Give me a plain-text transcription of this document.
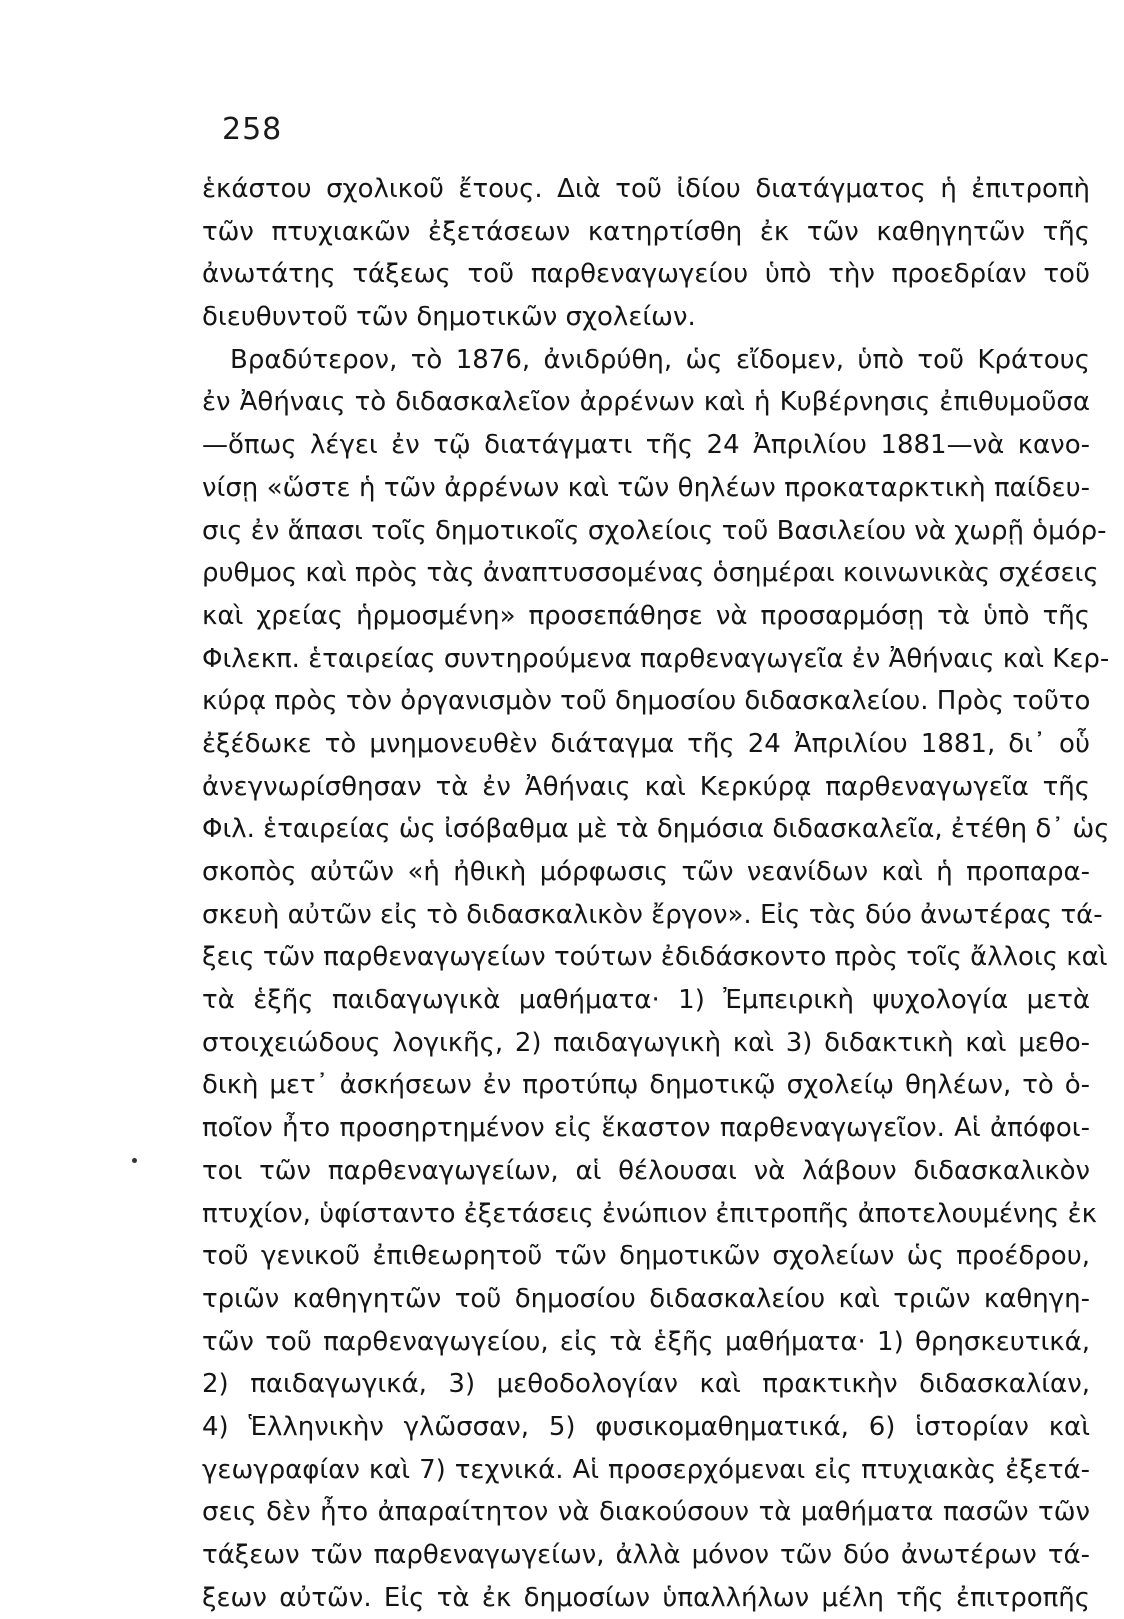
258
ἑκάστου σχολικοῦ ἔτους. Διὰ τοῦ ἰδίου διατάγματος ἡ ἐπιτροπὴ
τῶν πτυχιακῶν ἐξετάσεων κατηρτίσθη ἐκ τῶν καθηγητῶν τῆς
ἀνωτάτης τάξεως τοῦ παρθεναγωγείου ὑπὸ τὴν προεδρίαν τοῦ
διευθυντοῦ τῶν δημοτικῶν σχολείων.
Βραδύτερον, τὸ 1876, ἀνιδρύθη, ὡς εἴδομεν, ὑπὸ τοῦ Κράτους
ἐν Ἀθήναις τὸ διδασκαλεῖον ἀρρένων καὶ ἡ Κυβέρνησις ἐπιθυμοῦσα
—ὅπως λέγει ἐν τῷ διατάγματι τῆς 24 Ἀπριλίου 1881—νὰ κανο-
νίσῃ «ὥστε ἡ τῶν ἀρρένων καὶ τῶν θηλέων προκαταρκτικὴ παίδευ-
σις ἐν ἅπασι τοῖς δημοτικοῖς σχολείοις τοῦ Βασιλείου νὰ χωρῇ ὁμόρ-
ρυθμος καὶ πρὸς τὰς ἀναπτυσσομένας ὁσημέραι κοινωνικὰς σχέσεις
καὶ χρείας ἡρμοσμένη» προσεπάθησε νὰ προσαρμόσῃ τὰ ὑπὸ τῆς
Φιλεκπ. ἑταιρείας συντηρούμενα παρθεναγωγεῖα ἐν Ἀθήναις καὶ Κερ-
κύρᾳ πρὸς τὸν ὀργανισμὸν τοῦ δημοσίου διδασκαλείου. Πρὸς τοῦτο
ἐξέδωκε τὸ μνημονευθὲν διάταγμα τῆς 24 Ἀπριλίου 1881, δι᾽ οὗ
ἀνεγνωρίσθησαν τὰ ἐν Ἀθήναις καὶ Κερκύρᾳ παρθεναγωγεῖα τῆς
Φιλ. ἑταιρείας ὡς ἰσόβαθμα μὲ τὰ δημόσια διδασκαλεῖα, ἐτέθη δ᾽ ὡς
σκοπὸς αὐτῶν «ἡ ἠθικὴ μόρφωσις τῶν νεανίδων καὶ ἡ προπαρα-
σκευὴ αὐτῶν εἰς τὸ διδασκαλικὸν ἔργον». Εἰς τὰς δύο ἀνωτέρας τά-
ξεις τῶν παρθεναγωγείων τούτων ἐδιδάσκοντο πρὸς τοῖς ἄλλοις καὶ
τὰ ἑξῆς παιδαγωγικὰ μαθήματα· 1) Ἐμπειρικὴ ψυχολογία μετὰ
στοιχειώδους λογικῆς, 2) παιδαγωγικὴ καὶ 3) διδακτικὴ καὶ μεθο-
δικὴ μετ᾽ ἀσκήσεων ἐν προτύπῳ δημοτικῷ σχολείῳ θηλέων, τὸ ὁ-
ποῖον ἦτο προσηρτημένον εἰς ἕκαστον παρθεναγωγεῖον. Αἱ ἀπόφοι-
τοι τῶν παρθεναγωγείων, αἱ θέλουσαι νὰ λάβουν διδασκαλικὸν
πτυχίον, ὑφίσταντο ἐξετάσεις ἐνώπιον ἐπιτροπῆς ἀποτελουμένης ἐκ
τοῦ γενικοῦ ἐπιθεωρητοῦ τῶν δημοτικῶν σχολείων ὡς προέδρου,
τριῶν καθηγητῶν τοῦ δημοσίου διδασκαλείου καὶ τριῶν καθηγη-
τῶν τοῦ παρθεναγωγείου, εἰς τὰ ἑξῆς μαθήματα· 1) θρησκευτικά,
2) παιδαγωγικά, 3) μεθοδολογίαν καὶ πρακτικὴν διδασκαλίαν,
4) Ἑλληνικὴν γλῶσσαν, 5) φυσικομαθηματικά, 6) ἱστορίαν καὶ
γεωγραφίαν καὶ 7) τεχνικά. Αἱ προσερχόμεναι εἰς πτυχιακὰς ἐξετά-
σεις δὲν ἦτο ἀπαραίτητον νὰ διακούσουν τὰ μαθήματα πασῶν τῶν
τάξεων τῶν παρθεναγωγείων, ἀλλὰ μόνον τῶν δύο ἀνωτέρων τά-
ξεων αὐτῶν. Εἰς τὰ ἐκ δημοσίων ὑπαλλήλων μέλη τῆς ἐπιτροπῆς
